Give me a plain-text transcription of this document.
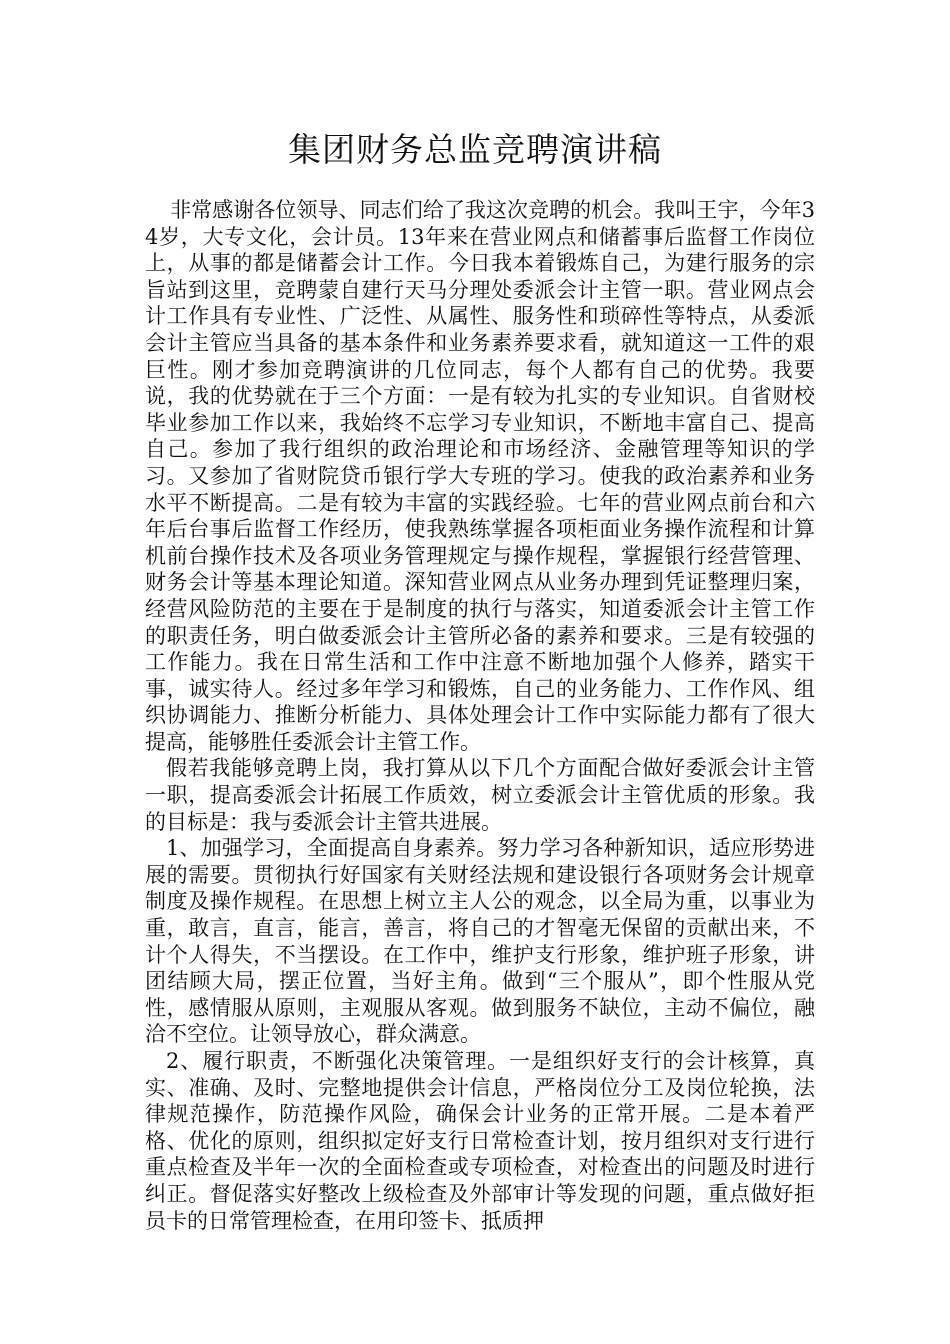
集团财务总监竞聘演讲稿

非常感谢各位领导、同志们给了我这次竞聘的机会。我叫王宇，今年34岁，大专文化，会计员。13年来在营业网点和储蓄事后监督工作岗位上，从事的都是储蓄会计工作。今日我本着锻炼自己，为建行服务的宗旨站到这里，竞聘蒙自建行天马分理处委派会计主管一职。营业网点会计工作具有专业性、广泛性、从属性、服务性和琐碎性等特点，从委派会计主管应当具备的基本条件和业务素养要求看，就知道这一工件的艰巨性。刚才参加竞聘演讲的几位同志，每个人都有自己的优势。我要说，我的优势就在于三个方面：一是有较为扎实的专业知识。自省财校毕业参加工作以来，我始终不忘学习专业知识，不断地丰富自己、提高自己。参加了我行组织的政治理论和市场经济、金融管理等知识的学习。又参加了省财院贷币银行学大专班的学习。使我的政治素养和业务水平不断提高。二是有较为丰富的实践经验。七年的营业网点前台和六年后台事后监督工作经历，使我熟练掌握各项柜面业务操作流程和计算机前台操作技术及各项业务管理规定与操作规程，掌握银行经营管理、财务会计等基本理论知道。深知营业网点从业务办理到凭证整理归案，经营风险防范的主要在于是制度的执行与落实，知道委派会计主管工作的职责任务，明白做委派会计主管所必备的素养和要求。三是有较强的工作能力。我在日常生活和工作中注意不断地加强个人修养，踏实干事，诚实待人。经过多年学习和锻炼，自己的业务能力、工作作风、组织协调能力、推断分析能力、具体处理会计工作中实际能力都有了很大提高，能够胜任委派会计主管工作。

假若我能够竞聘上岗，我打算从以下几个方面配合做好委派会计主管一职，提高委派会计拓展工作质效，树立委派会计主管优质的形象。我的目标是：我与委派会计主管共进展。

1、加强学习，全面提高自身素养。努力学习各种新知识，适应形势进展的需要。贯彻执行好国家有关财经法规和建设银行各项财务会计规章制度及操作规程。在思想上树立主人公的观念，以全局为重，以事业为重，敢言，直言，能言，善言，将自己的才智毫无保留的贡献出来，不计个人得失，不当摆设。在工作中，维护支行形象，维护班子形象，讲团结顾大局，摆正位置，当好主角。做到“三个服从”，即个性服从党性，感情服从原则，主观服从客观。做到服务不缺位，主动不偏位，融洽不空位。让领导放心，群众满意。

2、履行职责，不断强化决策管理。一是组织好支行的会计核算，真实、准确、及时、完整地提供会计信息，严格岗位分工及岗位轮换，法律规范操作，防范操作风险，确保会计业务的正常开展。二是本着严格、优化的原则，组织拟定好支行日常检查计划，按月组织对支行进行重点检查及半年一次的全面检查或专项检查，对检查出的问题及时进行纠正。督促落实好整改上级检查及外部审计等发现的问题，重点做好拒员卡的日常管理检查，在用印签卡、抵质押
